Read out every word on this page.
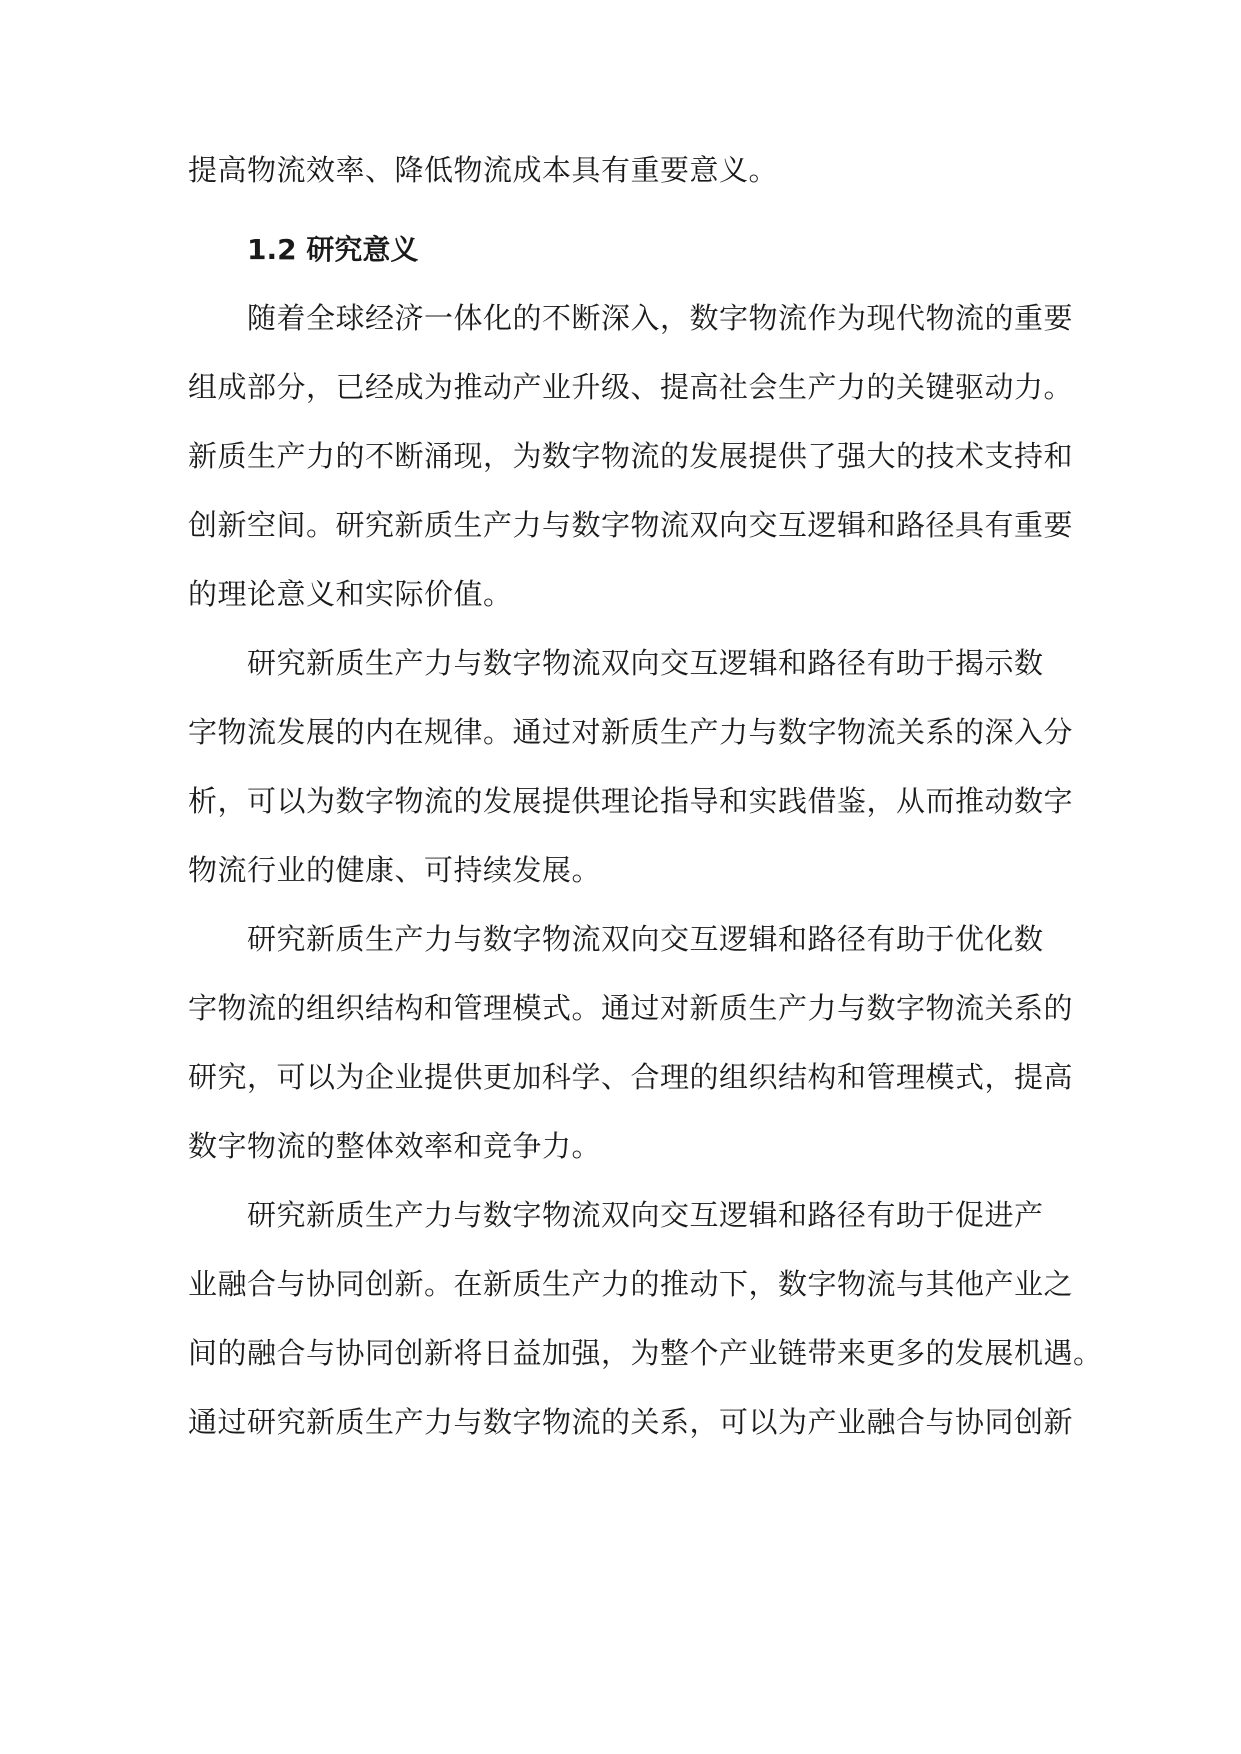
提高物流效率、降低物流成本具有重要意义。
1.2 研究意义
随着全球经济一体化的不断深入，数字物流作为现代物流的重要
组成部分，已经成为推动产业升级、提高社会生产力的关键驱动力。
新质生产力的不断涌现，为数字物流的发展提供了强大的技术支持和
创新空间。研究新质生产力与数字物流双向交互逻辑和路径具有重要
的理论意义和实际价值。
研究新质生产力与数字物流双向交互逻辑和路径有助于揭示数
字物流发展的内在规律。通过对新质生产力与数字物流关系的深入分
析，可以为数字物流的发展提供理论指导和实践借鉴，从而推动数字
物流行业的健康、可持续发展。
研究新质生产力与数字物流双向交互逻辑和路径有助于优化数
字物流的组织结构和管理模式。通过对新质生产力与数字物流关系的
研究，可以为企业提供更加科学、合理的组织结构和管理模式，提高
数字物流的整体效率和竞争力。
研究新质生产力与数字物流双向交互逻辑和路径有助于促进产
业融合与协同创新。在新质生产力的推动下，数字物流与其他产业之
间的融合与协同创新将日益加强，为整个产业链带来更多的发展机遇。
通过研究新质生产力与数字物流的关系，可以为产业融合与协同创新
